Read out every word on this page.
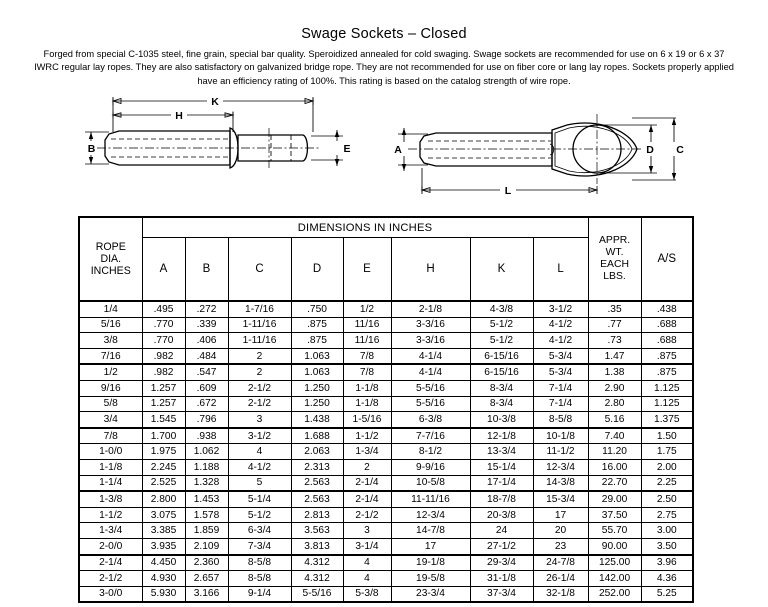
Swage Sockets – Closed

Forged from special C-1035 steel, fine grain, special bar quality. Speroidized annealed for cold swaging. Swage sockets are recommended for use on 6 x 19 or 6 x 37 IWRC regular lay ropes. They are also satisfactory on galvanized bridge rope. They are not recommended for use on fiber core or lang lay ropes. Sockets properly applied have an efficiency rating of 100%. This rating is based on the catalog strength of wire rope.

K
H
B	E	A	D C
L
ROPE
DIA.
INCHES
	DIMENSIONS IN INCHES	
APPR.
WT.
EACH
LBS.
	A/S
	A	B	C	D	E	H	K	L		
1/4	.495	.272	1-7/16	.750	1/2	2-1/8	4-3/8	3-1/2	.35	.438
5/16	.770	.339	1-11/16	.875	11/16	3-3/16	5-1/2	4-1/2	.77	.688
3/8	.770	.406	1-11/16	.875	11/16	3-3/16	5-1/2	4-1/2	.73	.688
7/16	.982	.484	2	1.063	7/8	4-1/4	6-15/16	5-3/4	1.47	.875
1/2	.982	.547	2	1.063	7/8	4-1/4	6-15/16	5-3/4	1.38	.875
9/16	1.257	.609	2-1/2	1.250	1-1/8	5-5/16	8-3/4	7-1/4	2.90	1.125
5/8	1.257	.672	2-1/2	1.250	1-1/8	5-5/16	8-3/4	7-1/4	2.80	1.125
3/4	1.545	.796	3	1.438	1-5/16	6-3/8	10-3/8	8-5/8	5.16	1.375
7/8	1.700	.938	3-1/2	1.688	1-1/2	7-7/16	12-1/8	10-1/8	7.40	1.50
1-0/0	1.975	1.062	4	2.063	1-3/4	8-1/2	13-3/4	11-1/2	11.20	1.75
1-1/8	2.245	1.188	4-1/2	2.313	2	9-9/16	15-1/4	12-3/4	16.00	2.00
1-1/4	2.525	1.328	5	2.563	2-1/4	10-5/8	17-1/4	14-3/8	22.70	2.25
1-3/8	2.800	1.453	5-1/4	2.563	2-1/4	11-11/16	18-7/8	15-3/4	29.00	2.50
1-1/2	3.075	1.578	5-1/2	2.813	2-1/2	12-3/4	20-3/8	17	37.50	2.75
1-3/4	3.385	1.859	6-3/4	3.563	3	14-7/8	24	20	55.70	3.00
2-0/0	3.935	2.109	7-3/4	3.813	3-1/4	17	27-1/2	23	90.00	3.50
2-1/4	4.450	2.360	8-5/8	4.312	4	19-1/8	29-3/4	24-7/8	125.00	3.96
2-1/2	4.930	2.657	8-5/8	4.312	4	19-5/8	31-1/8	26-1/4	142.00	4.36
3-0/0	5.930	3.166	9-1/4	5-5/16	5-3/8	23-3/4	37-3/4	32-1/8	252.00	5.25
